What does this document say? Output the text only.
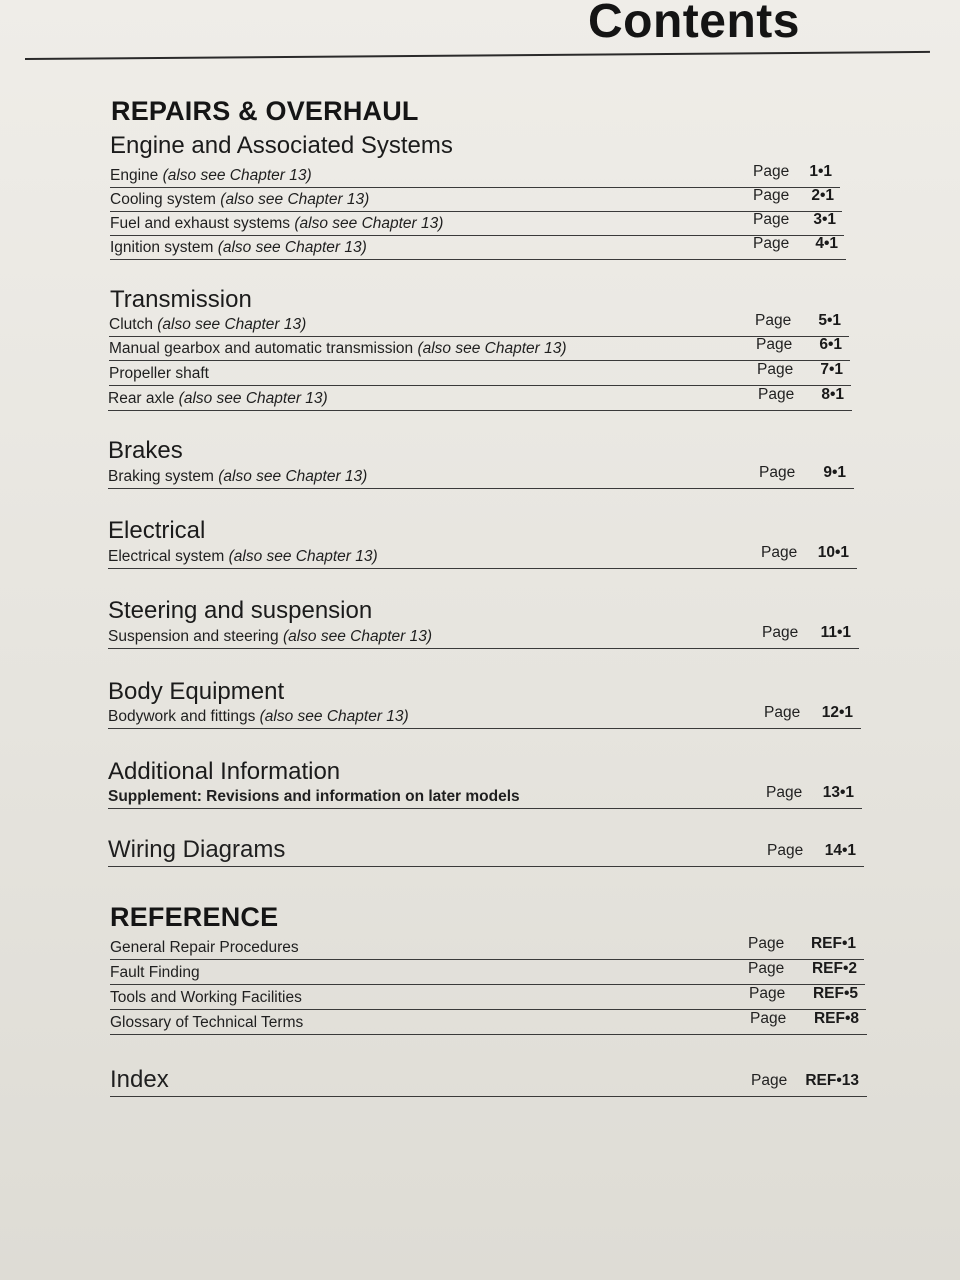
Contents
REPAIRS & OVERHAUL
Engine and Associated Systems
Engine (also see Chapter 13)	Page 1•1
Cooling system (also see Chapter 13)	Page 2•1
Fuel and exhaust systems (also see Chapter 13)	Page 3•1
Ignition system (also see Chapter 13)	Page 4•1
Transmission
Clutch (also see Chapter 13)	Page 5•1
Manual gearbox and automatic transmission (also see Chapter 13)	Page 6•1
Propeller shaft	Page 7•1
Rear axle (also see Chapter 13)	Page 8•1
Brakes
Braking system (also see Chapter 13)	Page 9•1
Electrical
Electrical system (also see Chapter 13)	Page 10•1
Steering and suspension
Suspension and steering (also see Chapter 13)	Page 11•1
Body Equipment
Bodywork and fittings (also see Chapter 13)	Page 12•1
Additional Information
Supplement: Revisions and information on later models	Page 13•1
Wiring Diagrams	Page 14•1
REFERENCE
General Repair Procedures	Page REF•1
Fault Finding	Page REF•2
Tools and Working Facilities	Page REF•5
Glossary of Technical Terms	Page REF•8
Index	Page REF•13
